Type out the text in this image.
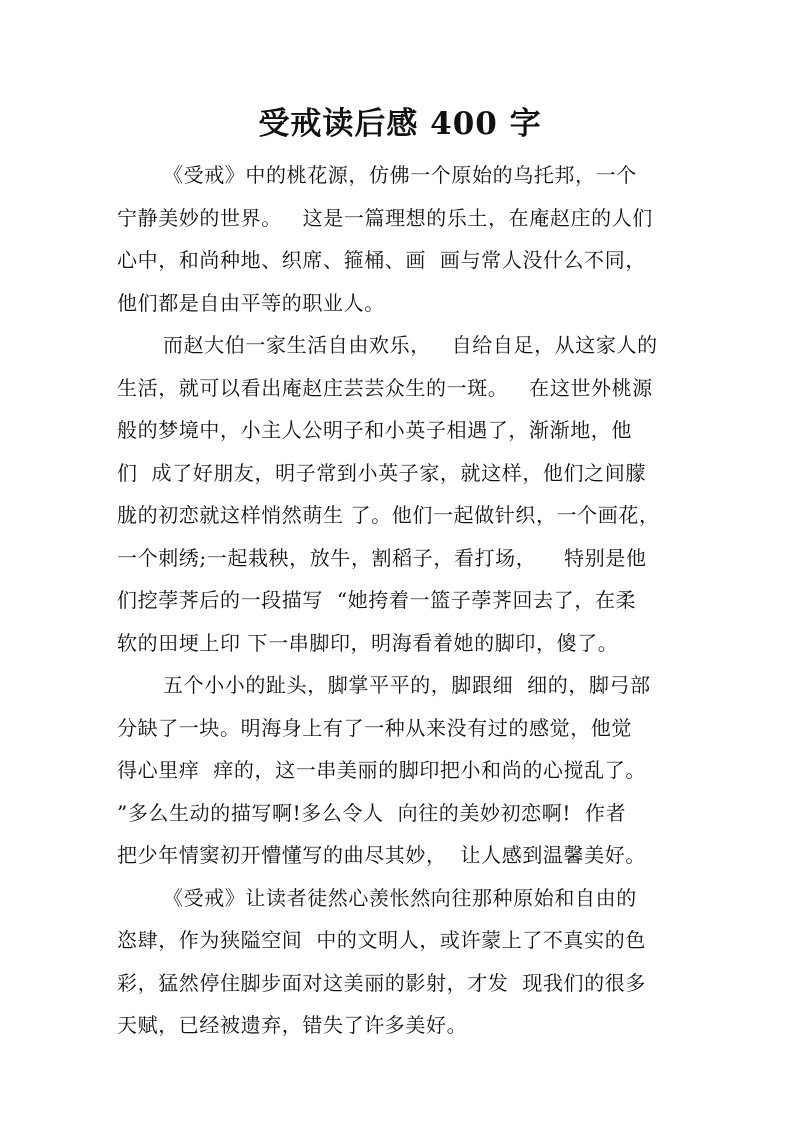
受戒读后感 400 字
《受戒》中的桃花源，仿佛一个原始的乌托邦，一个
宁静美妙的世界。   这是一篇理想的乐土，在庵赵庄的人们
心中，和尚种地、织席、箍桶、画  画与常人没什么不同，
他们都是自由平等的职业人。
而赵大伯一家生活自由欢乐，   自给自足，从这家人的
生活，就可以看出庵赵庄芸芸众生的一斑。   在这世外桃源
般的梦境中，小主人公明子和小英子相遇了，渐渐地，他
们  成了好朋友，明子常到小英子家，就这样，他们之间朦
胧的初恋就这样悄然萌生 了。他们一起做针织，一个画花，
一个刺绣;一起栽秧，放牛，割稻子，看打场，    特别是他
们挖荸荠后的一段描写  “她挎着一篮子荸荠回去了，在柔
软的田埂上印 下一串脚印，明海看着她的脚印，傻了。
五个小小的趾头，脚掌平平的，脚跟细  细的，脚弓部
分缺了一块。明海身上有了一种从来没有过的感觉，他觉
得心里痒  痒的，这一串美丽的脚印把小和尚的心搅乱了。
”多么生动的描写啊!多么令人  向往的美妙初恋啊!  作者
把少年情窦初开懵懂写的曲尽其妙，  让人感到温馨美好。
《受戒》让读者徒然心羡怅然向往那种原始和自由的
恣肆，作为狭隘空间  中的文明人，或许蒙上了不真实的色
彩，猛然停住脚步面对这美丽的影射，才发  现我们的很多
天赋，已经被遗弃，错失了许多美好。
